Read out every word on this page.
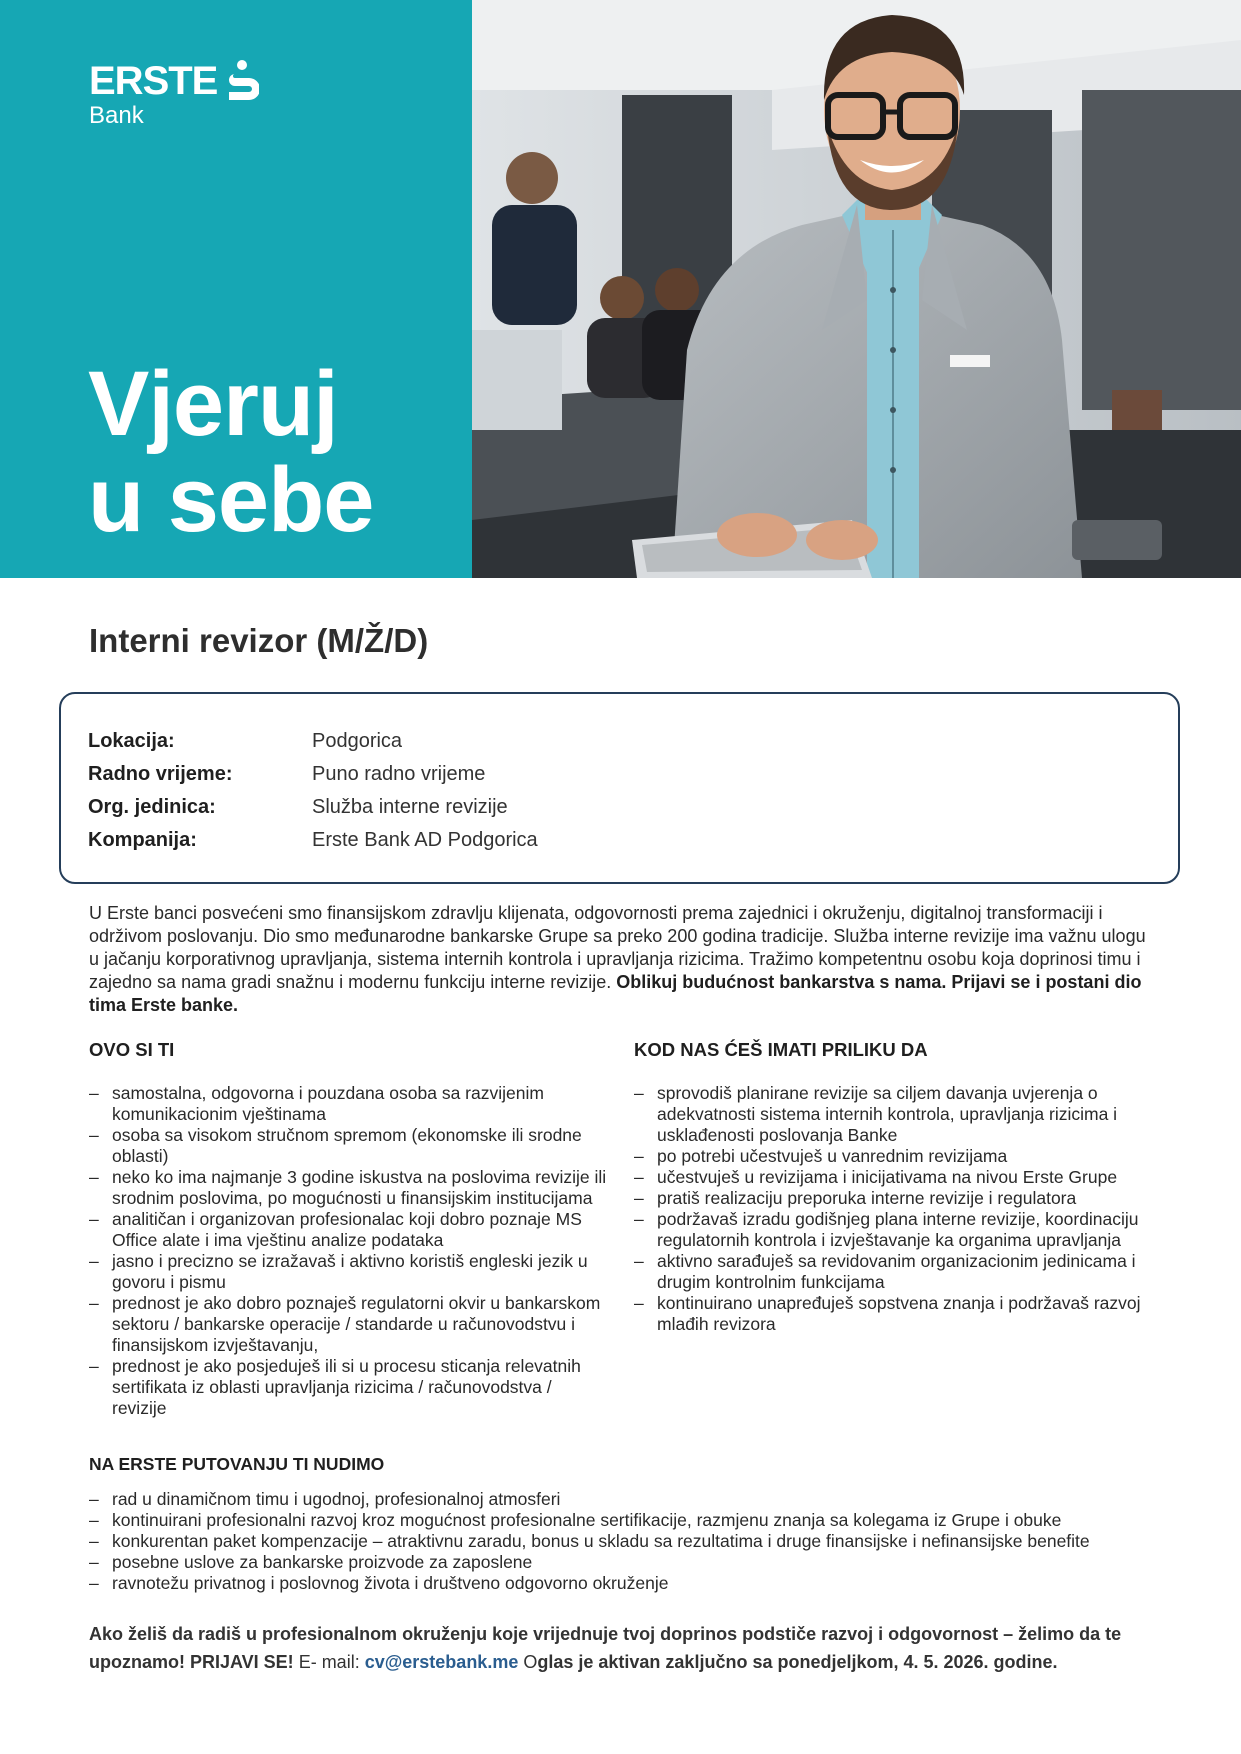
ERSTE
Bank
Vjeruj
u sebe
Interni revizor (M/Ž/D)
Lokacija:	Podgorica
Radno vrijeme:	Puno radno vrijeme
Org. jedinica:	Služba interne revizije
Kompanija:	Erste Bank AD Podgorica
U Erste banci posvećeni smo finansijskom zdravlju klijenata, odgovornosti prema zajednici i okruženju, digitalnoj transformaciji i održivom poslovanju. Dio smo međunarodne bankarske Grupe sa preko 200 godina tradicije. Služba interne revizije ima važnu ulogu u jačanju korporativnog upravljanja, sistema internih kontrola i upravljanja rizicima. Tražimo kompetentnu osobu koja doprinosi timu i zajedno sa nama gradi snažnu i modernu funkciju interne revizije. Oblikuj budućnost bankarstva s nama. Prijavi se i postani dio tima Erste banke.
OVO SI TI
– samostalna, odgovorna i pouzdana osoba sa razvijenim komunikacionim vještinama
– osoba sa visokom stručnom spremom (ekonomske ili srodne oblasti)
– neko ko ima najmanje 3 godine iskustva na poslovima revizije ili srodnim poslovima, po mogućnosti u finansijskim institucijama
– analitičan i organizovan profesionalac koji dobro poznaje MS Office alate i ima vještinu analize podataka
– jasno i precizno se izražavaš i aktivno koristiš engleski jezik u govoru i pismu
– prednost je ako dobro poznaješ regulatorni okvir u bankarskom sektoru / bankarske operacije / standarde u računovodstvu i finansijskom izvještavanju,
– prednost je ako posjeduješ ili si u procesu sticanja relevatnih sertifikata iz oblasti upravljanja rizicima / računovodstva / revizije
KOD NAS ĆEŠ IMATI PRILIKU DA
– sprovodiš planirane revizije sa ciljem davanja uvjerenja o adekvatnosti sistema internih kontrola, upravljanja rizicima i usklađenosti poslovanja Banke
– po potrebi učestvuješ u vanrednim revizijama
– učestvuješ u revizijama i inicijativama na nivou Erste Grupe
– pratiš realizaciju preporuka interne revizije i regulatora
– podržavaš izradu godišnjeg plana interne revizije, koordinaciju regulatornih kontrola i izvještavanje ka organima upravljanja
– aktivno sarađuješ sa revidovanim organizacionim jedinicama i drugim kontrolnim funkcijama
– kontinuirano unapređuješ sopstvena znanja i podržavaš razvoj mlađih revizora
NA ERSTE PUTOVANJU TI NUDIMO
– rad u dinamičnom timu i ugodnoj, profesionalnoj atmosferi
– kontinuirani profesionalni razvoj kroz mogućnost profesionalne sertifikacije, razmjenu znanja sa kolegama iz Grupe i obuke
– konkurentan paket kompenzacije – atraktivnu zaradu, bonus u skladu sa rezultatima i druge finansijske i nefinansijske benefite
– posebne uslove za bankarske proizvode za zaposlene
– ravnotežu privatnog i poslovnog života i društveno odgovorno okruženje
Ako želiš da radiš u profesionalnom okruženju koje vrijednuje tvoj doprinos podstiče razvoj i odgovornost – želimo da te upoznamo! PRIJAVI SE! E- mail: cv@erstebank.me Oglas je aktivan zaključno sa ponedjeljkom, 4. 5. 2026. godine.
